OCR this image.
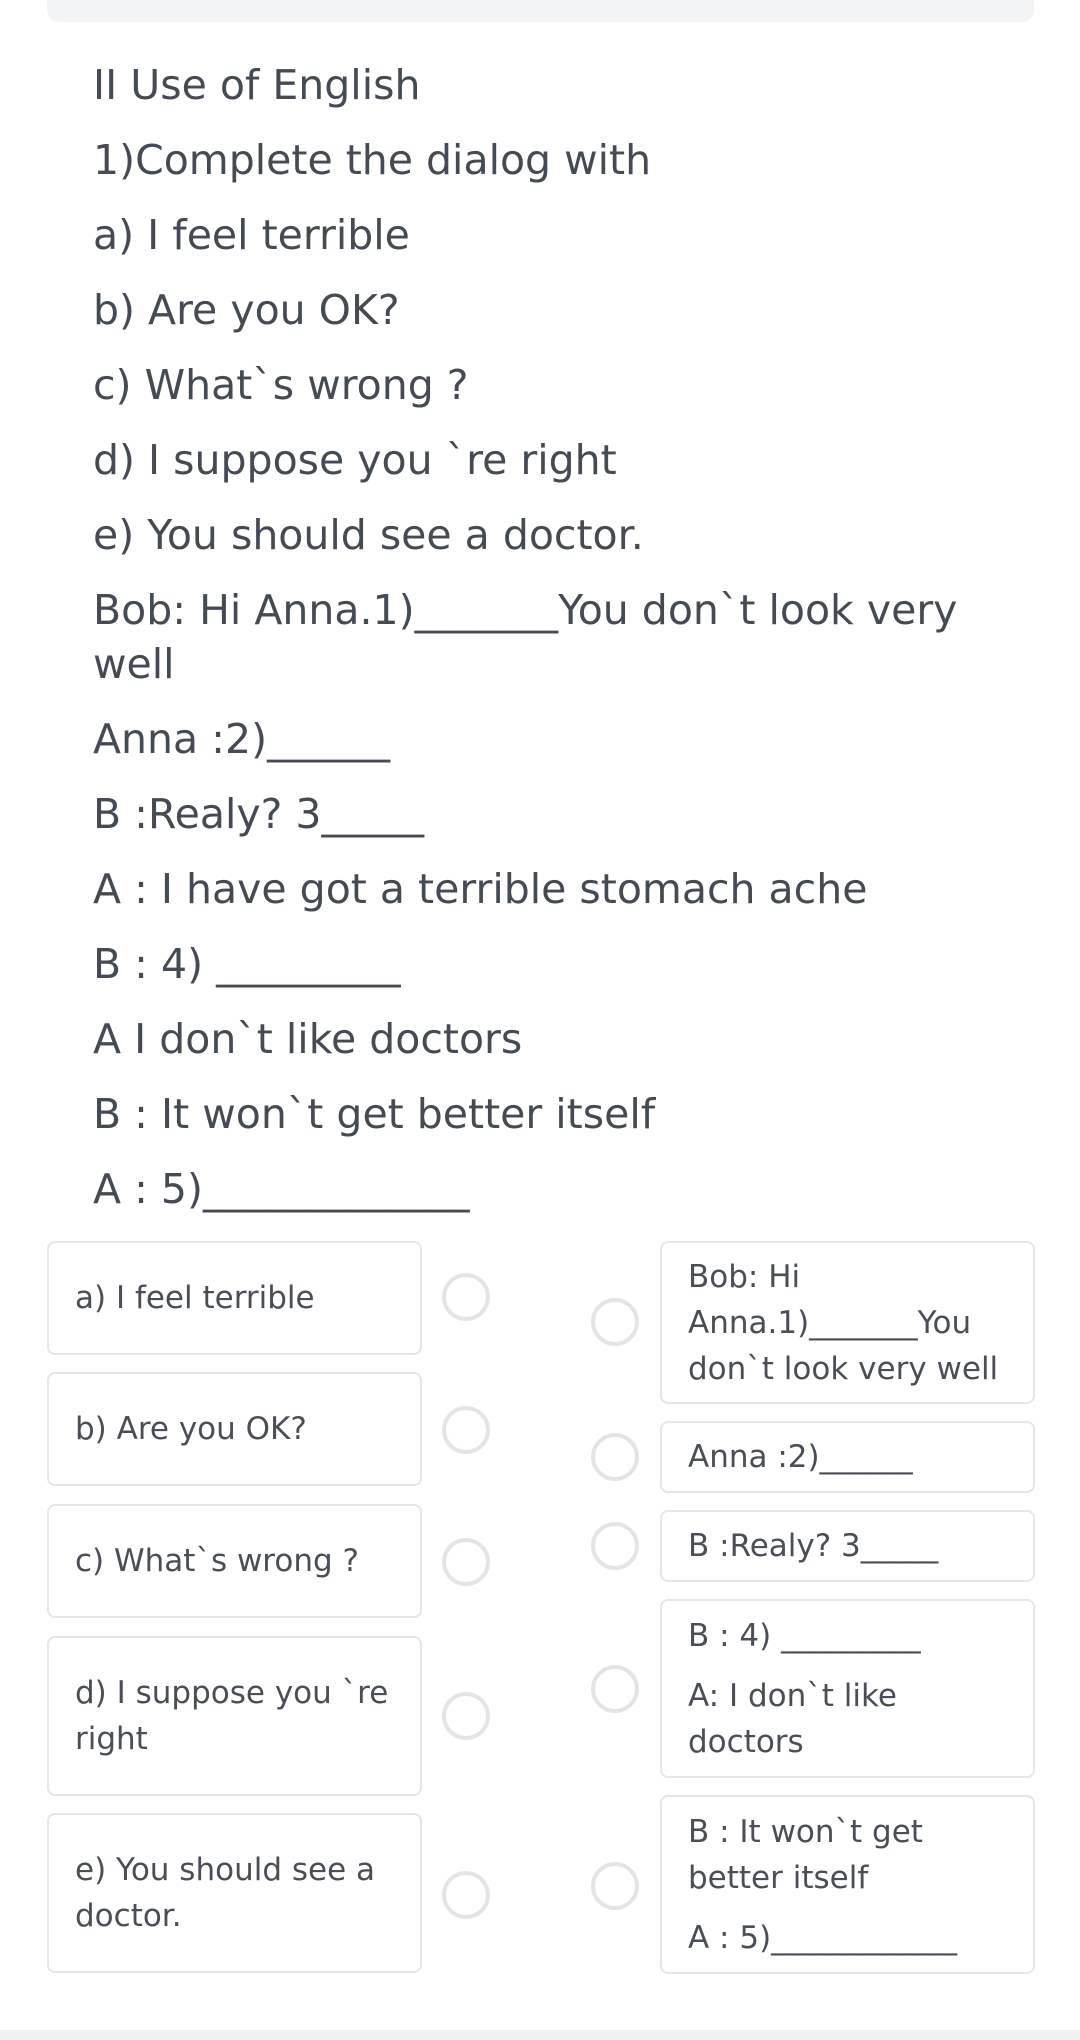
II Use of English
1)Complete the dialog with
a) I feel terrible
b) Are you OK?
c) What`s wrong ?
d) I suppose you `re right
e) You should see a doctor.
Bob: Hi Anna.1)_______You don`t look very well
Anna :2)______
B :Realy? 3_____
A : I have got a terrible stomach ache
B : 4) _________
A I don`t like doctors
B : It won`t get better itself
A : 5)_____________
a) I feel terrible
b) Are you OK?
c) What`s wrong ?
d) I suppose you `re right
e) You should see a doctor.
Bob: Hi Anna.1)_______You don`t look very well
Anna :2)______
B :Realy? 3_____
B : 4) _________
A: I don`t like doctors
B : It won`t get better itself
A : 5)____________
